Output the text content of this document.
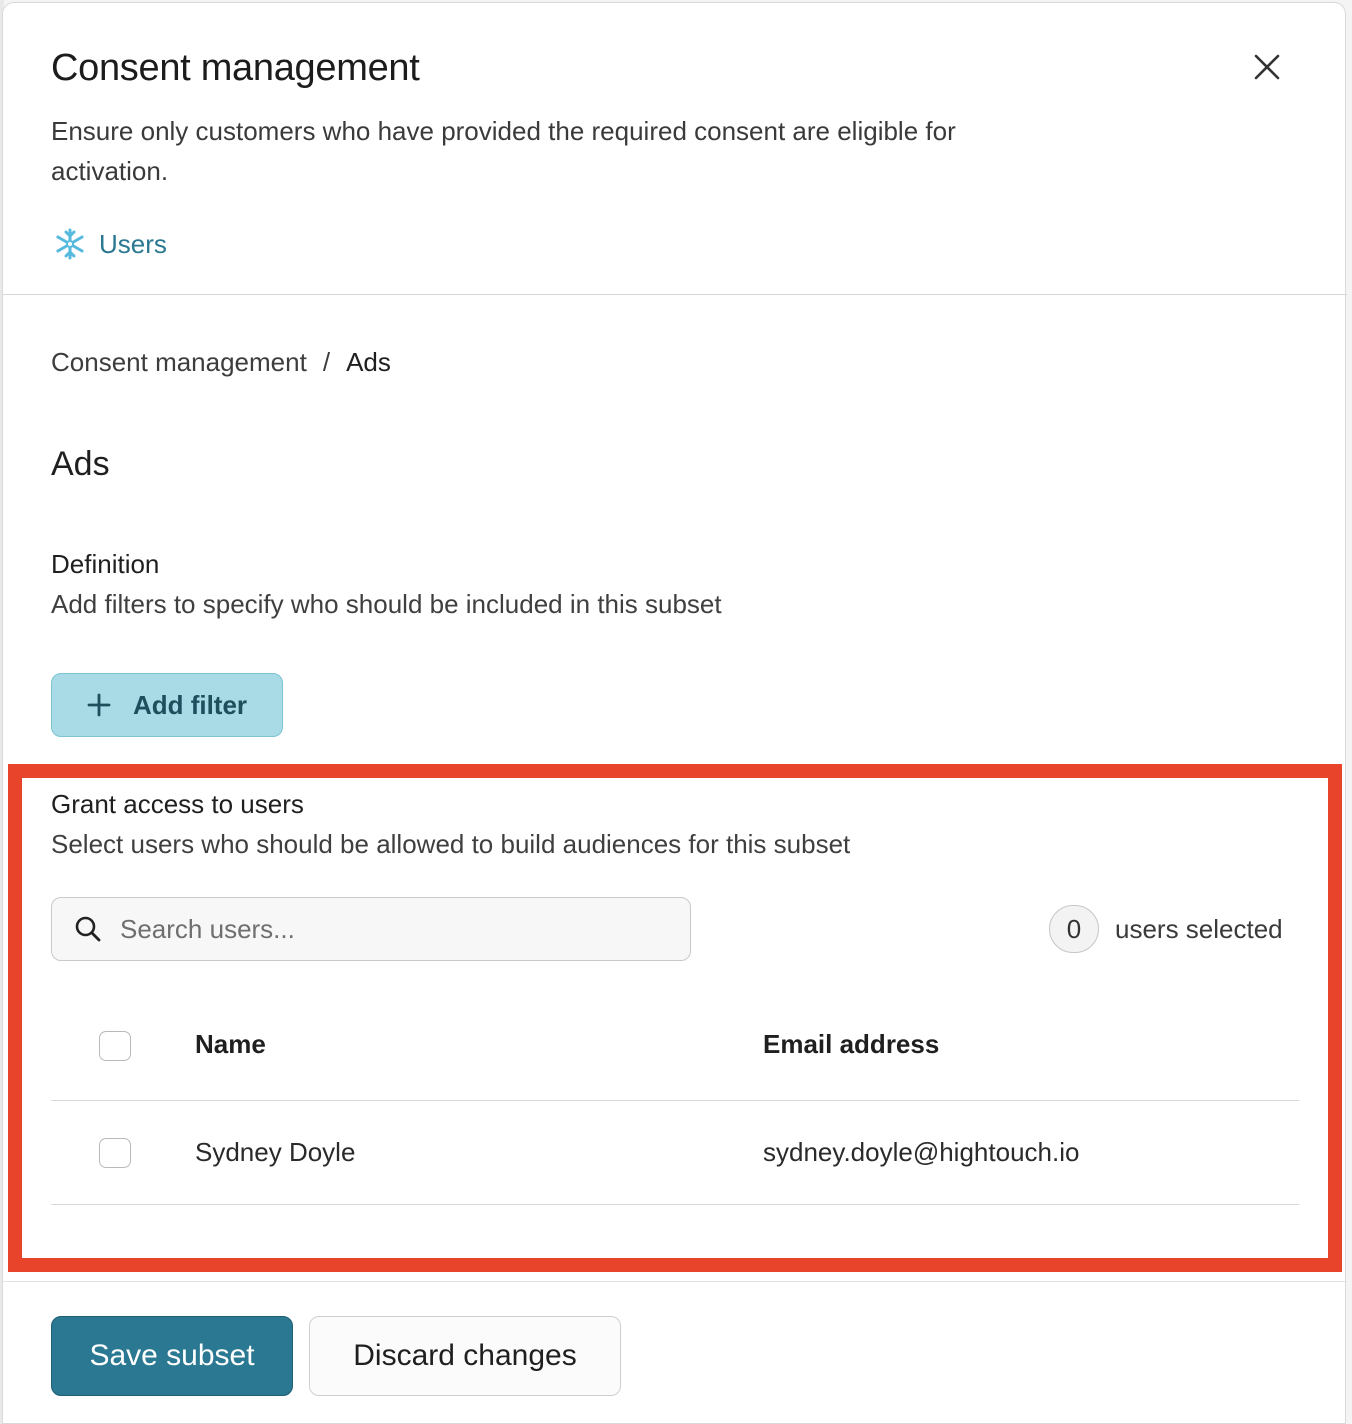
Consent management
Ensure only customers who have provided the required consent are eligible for activation.
Users
Consent management / Ads
Ads
Definition
Add filters to specify who should be included in this subset
Add filter
Grant access to users
Select users who should be allowed to build audiences for this subset
Search users...
0	users selected
Name	Email address
Sydney Doyle	sydney.doyle@hightouch.io
Save subset	Discard changes
